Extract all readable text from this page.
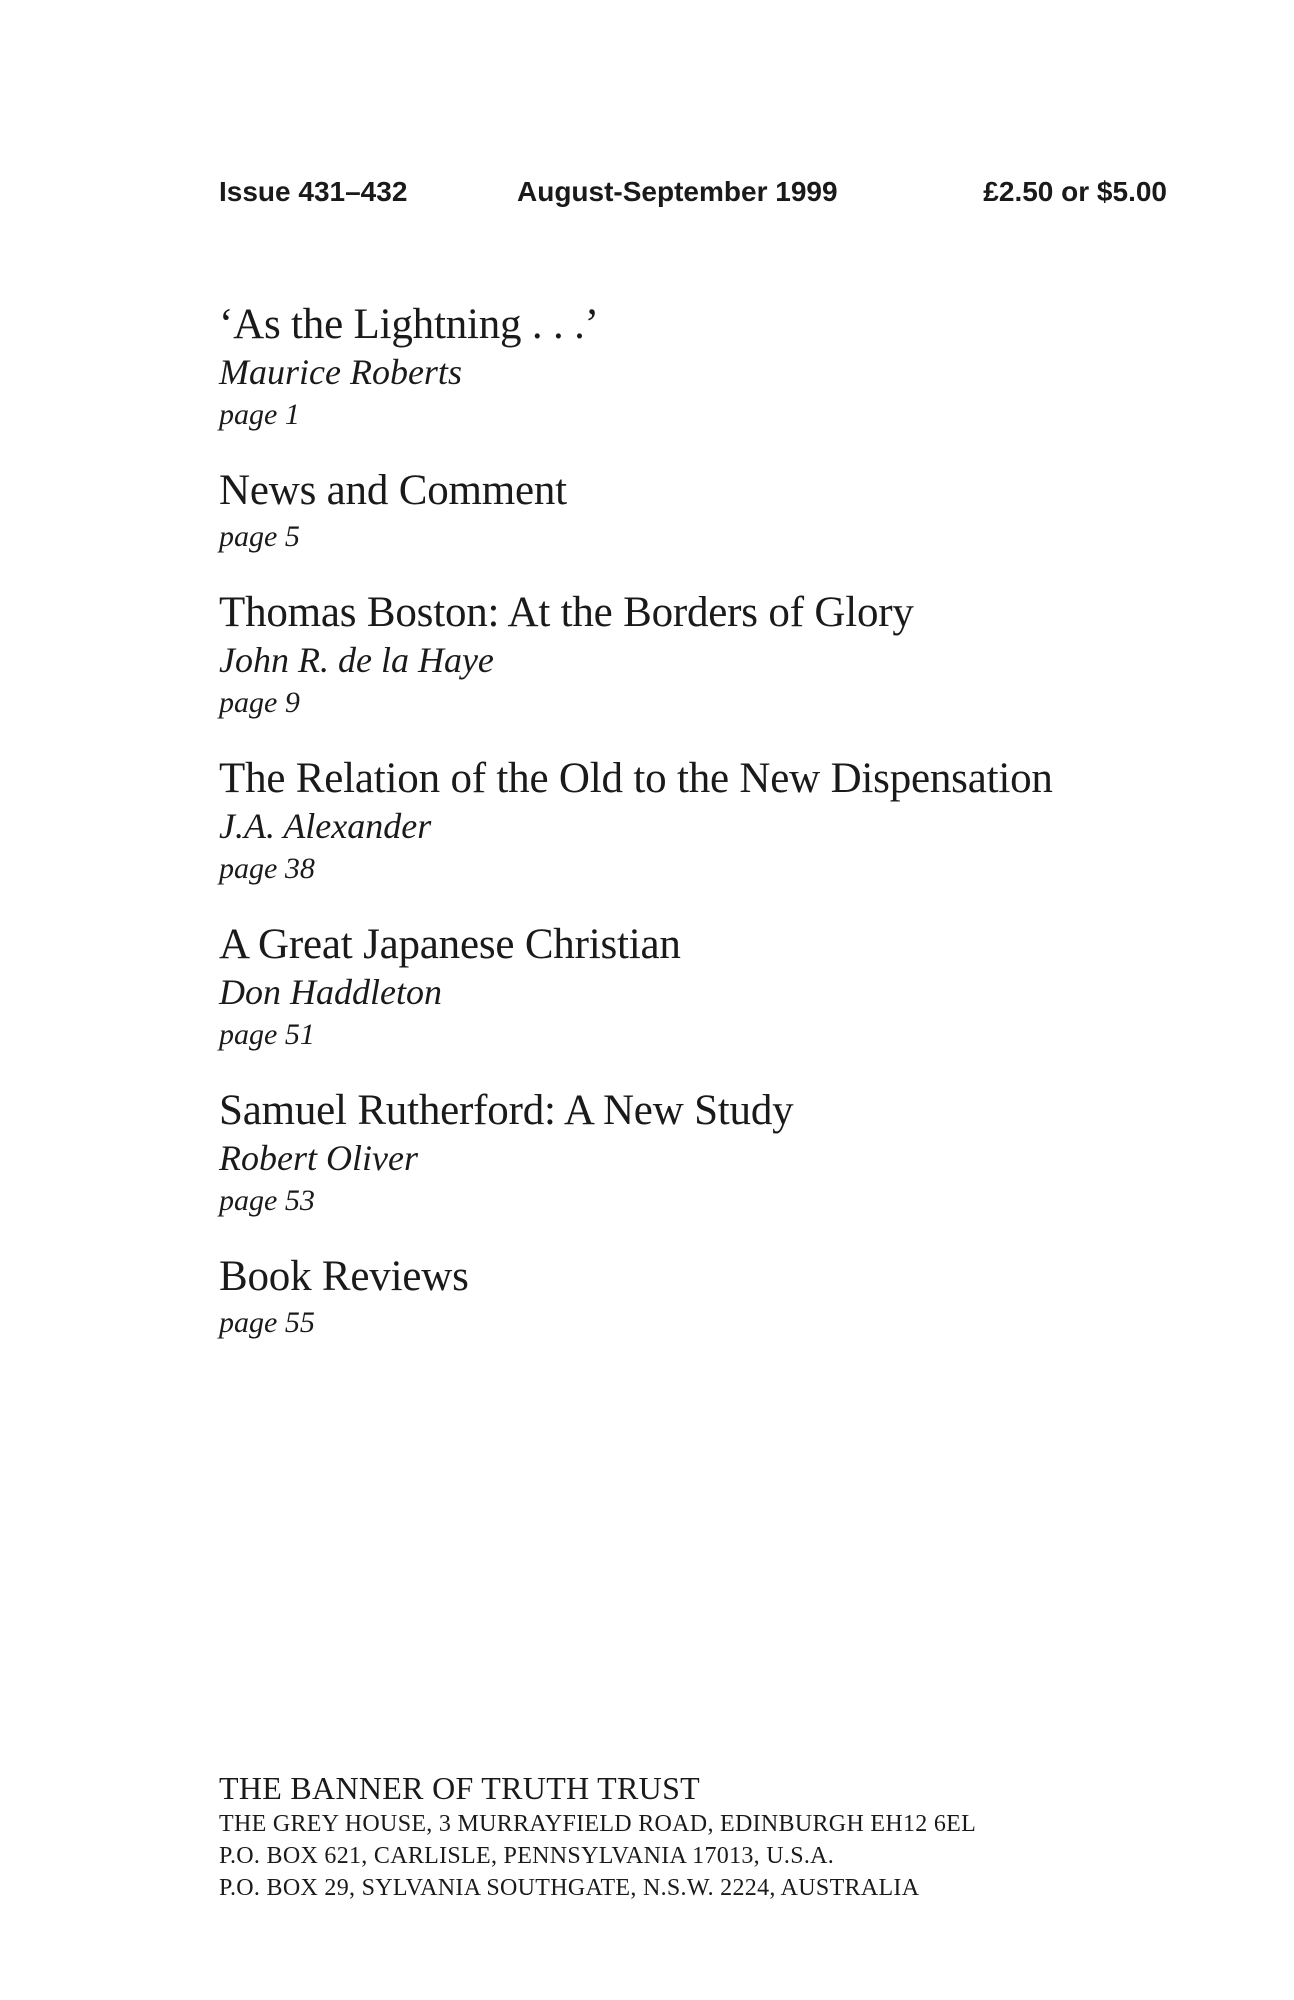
Issue 431–432	August-September 1999	£2.50 or $5.00
‘As the Lightning . . .’
Maurice Roberts
page 1
News and Comment
page 5
Thomas Boston: At the Borders of Glory
John R. de la Haye
page 9
The Relation of the Old to the New Dispensation
J.A. Alexander
page 38
A Great Japanese Christian
Don Haddleton
page 51
Samuel Rutherford: A New Study
Robert Oliver
page 53
Book Reviews
page 55
THE BANNER OF TRUTH TRUST
THE GREY HOUSE, 3 MURRAYFIELD ROAD, EDINBURGH EH12 6EL
P.O. BOX 621, CARLISLE, PENNSYLVANIA 17013, U.S.A.
P.O. BOX 29, SYLVANIA SOUTHGATE, N.S.W. 2224, AUSTRALIA
